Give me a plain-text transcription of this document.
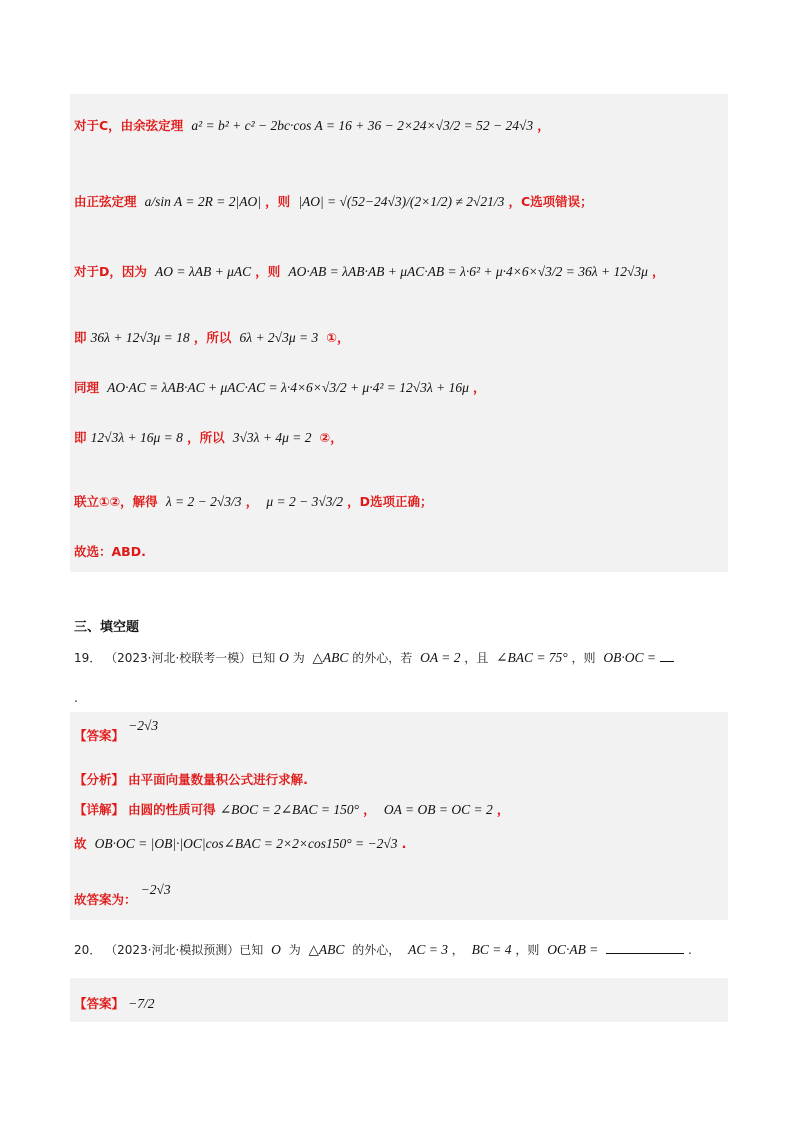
对于C，由余弦定理 a² = b² + c² − 2bc·cos A = 16 + 36 − 2×24×√3/2 = 52 − 24√3 ，
由正弦定理 a/sin A = 2R = 2|AO| ，则 |AO| = √(52−24√3)/(2×1/2) ≠ 2√21/3 ，C选项错误；
对于D，因为 AO = λAB + μAC ，则 AO·AB = λAB·AB + μAC·AB = λ·6² + μ·4×6×√3/2 = 36λ + 12√3μ ，
即 36λ + 12√3μ = 18 ，所以 6λ + 2√3μ = 3 ①，
同理 AO·AC = λAB·AC + μAC·AC = λ·4×6×√3/2 + μ·4² = 12√3λ + 16μ ，
即 12√3λ + 16μ = 8 ，所以 3√3λ + 4μ = 2 ②，
联立①②，解得 λ = 2 − 2√3/3 ， μ = 2 − 3√3/2 ，D选项正确；
故选：ABD.
三、填空题
19． （2023·河北·校联考一模）已知 O 为 △ABC 的外心，若 OA = 2 ，且 ∠BAC = 75° ，则 OB·OC =
.
【答案】 −2√3
【分析】 由平面向量数量积公式进行求解.
【详解】 由圆的性质可得 ∠BOC = 2∠BAC = 150° ， OA = OB = OC = 2 ，
故 OB·OC = |OB|·|OC|cos∠BAC = 2×2×cos150° = −2√3 .
故答案为： −2√3
20． （2023·河北·模拟预测）已知 O 为 △ABC 的外心， AC = 3 ， BC = 4 ，则 OC·AB =	.
【答案】 −7/2
